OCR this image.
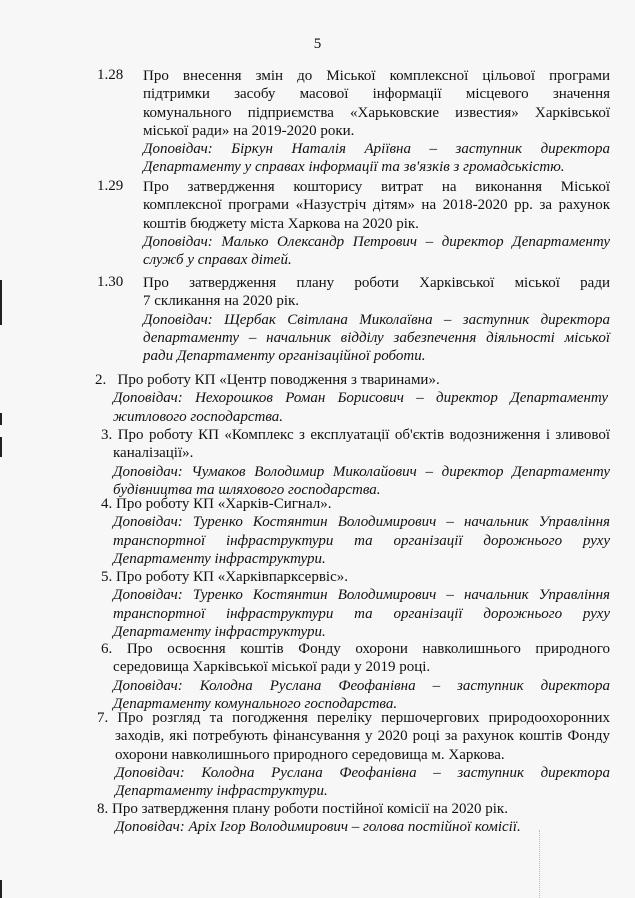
5
1.28 Про внесення змін до Міської комплексної цільової програми
підтримки засобу масової інформації місцевого значення
комунального підприємства «Харьковские известия» Харківської
міської ради» на 2019-2020 роки.
Доповідач: Біркун Наталія Аріївна – заступник директора
Департаменту у справах інформації та зв'язків з громадськістю.
1.29 Про затвердження кошторису витрат на виконання Міської
комплексної програми «Назустріч дітям» на 2018-2020 рр. за рахунок
коштів бюджету міста Харкова на 2020 рік.
Доповідач: Малько Олександр Петрович – директор Департаменту
служб у справах дітей.
1.30 Про затвердження плану роботи Харківської міської ради
7 скликання на 2020 рік.
Доповідач: Щербак Світлана Миколаївна – заступник директора
департаменту – начальник відділу забезпечення діяльності міської
ради Департаменту організаційної роботи.
2. Про роботу КП «Центр поводження з тваринами».
Доповідач: Нехорошков Роман Борисович – директор Департаменту
житлового господарства.
3. Про роботу КП «Комплекс з експлуатації об'єктів водозниження і зливової
каналізації».
Доповідач: Чумаков Володимир Миколайович – директор Департаменту
будівництва та шляхового господарства.
4. Про роботу КП «Харків-Сигнал».
Доповідач: Туренко Костянтин Володимирович – начальник Управління
транспортної інфраструктури та організації дорожнього руху
Департаменту інфраструктури.
5. Про роботу КП «Харківпарксервіс».
Доповідач: Туренко Костянтин Володимирович – начальник Управління
транспортної інфраструктури та організації дорожнього руху
Департаменту інфраструктури.
6. Про освоєння коштів Фонду охорони навколишнього природного
середовища Харківської міської ради у 2019 році.
Доповідач: Колодна Руслана Феофанівна – заступник директора
Департаменту комунального господарства.
7. Про розгляд та погодження переліку першочергових природоохоронних
заходів, які потребують фінансування у 2020 році за рахунок коштів Фонду
охорони навколишнього природного середовища м. Харкова.
Доповідач: Колодна Руслана Феофанівна – заступник директора
Департаменту інфраструктури.
8. Про затвердження плану роботи постійної комісії на 2020 рік.
Доповідач: Аріх Ігор Володимирович – голова постійної комісії.
